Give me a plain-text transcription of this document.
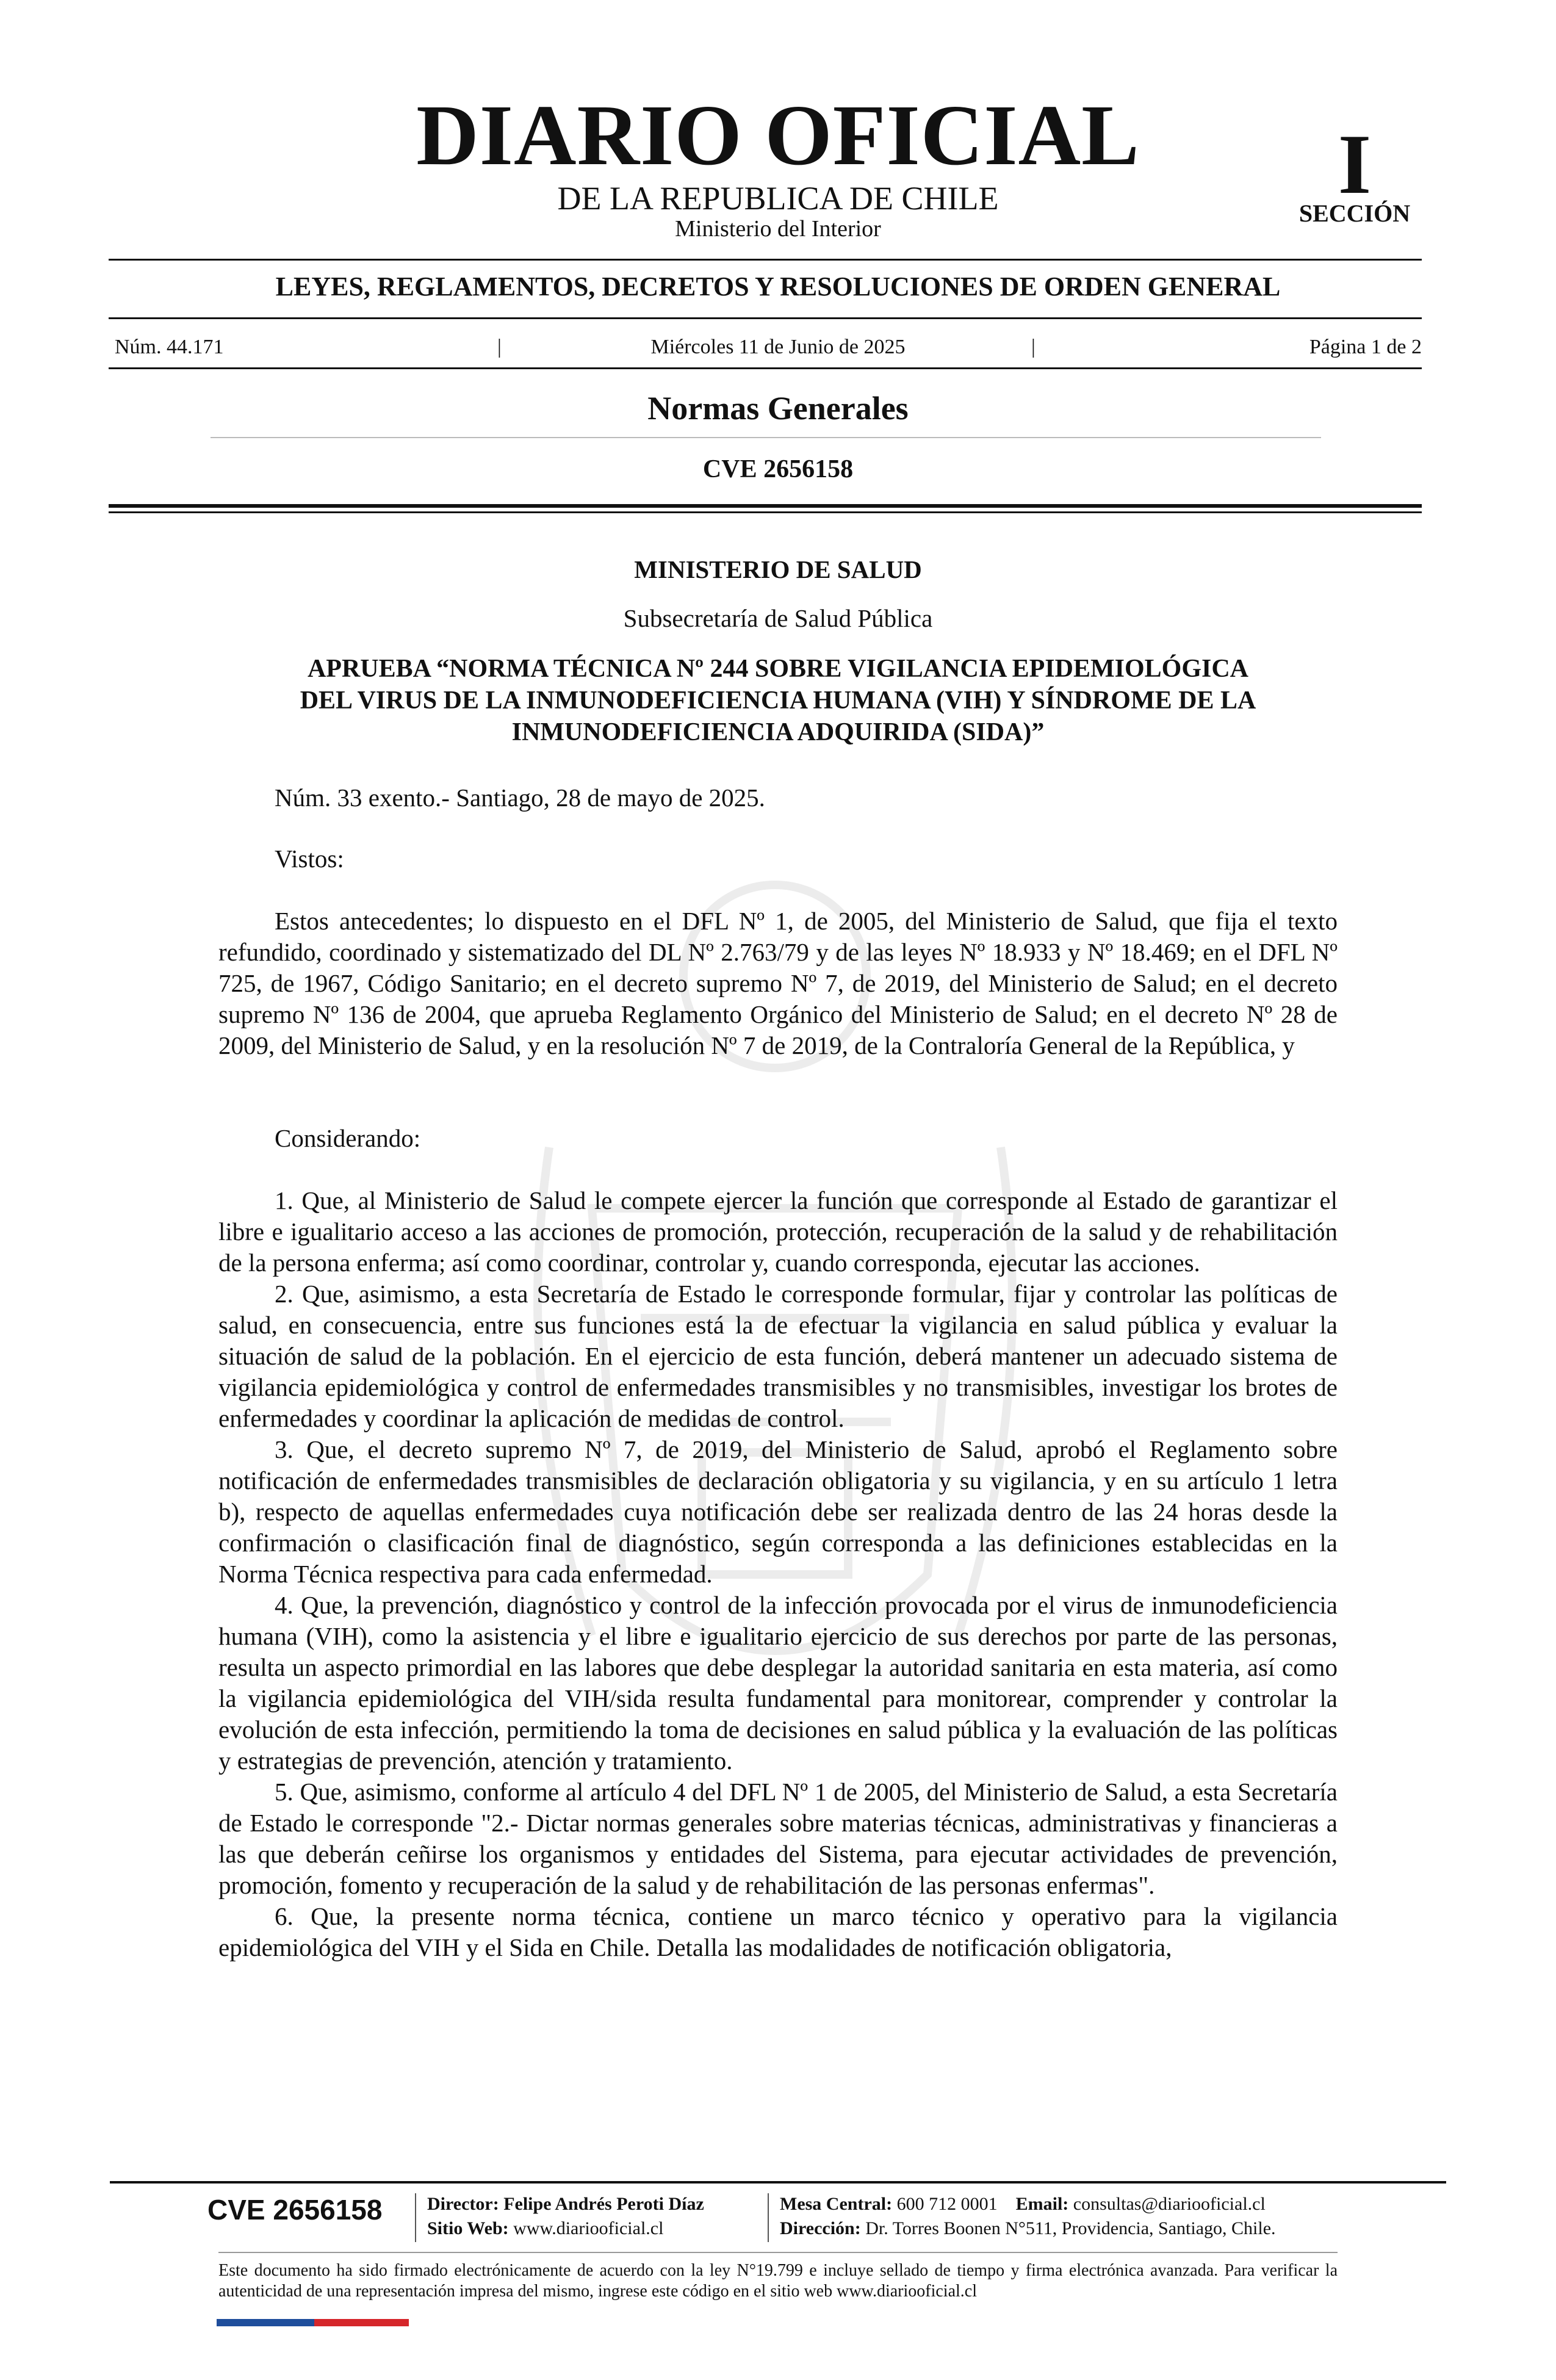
DIARIO OFICIAL
DE LA REPUBLICA DE CHILE
Ministerio del Interior
I
SECCIÓN
LEYES, REGLAMENTOS, DECRETOS Y RESOLUCIONES DE ORDEN GENERAL
Núm. 44.171	|	Miércoles 11 de Junio de 2025	|	Página 1 de 2
Normas Generales
CVE 2656158
MINISTERIO DE SALUD
Subsecretaría de Salud Pública
APRUEBA “NORMA TÉCNICA Nº 244 SOBRE VIGILANCIA EPIDEMIOLÓGICA
DEL VIRUS DE LA INMUNODEFICIENCIA HUMANA (VIH) Y SÍNDROME DE LA
INMUNODEFICIENCIA ADQUIRIDA (SIDA)”

Núm. 33 exento.- Santiago, 28 de mayo de 2025.

Vistos:

Estos antecedentes; lo dispuesto en el DFL Nº 1, de 2005, del Ministerio de Salud, que fija el texto refundido, coordinado y sistematizado del DL Nº 2.763/79 y de las leyes Nº 18.933 y Nº 18.469; en el DFL Nº 725, de 1967, Código Sanitario; en el decreto supremo Nº 7, de 2019, del Ministerio de Salud; en el decreto supremo Nº 136 de 2004, que aprueba Reglamento Orgánico del Ministerio de Salud; en el decreto Nº 28 de 2009, del Ministerio de Salud, y en la resolución Nº 7 de 2019, de la Contraloría General de la República, y

Considerando:

1. Que, al Ministerio de Salud le compete ejercer la función que corresponde al Estado de garantizar el libre e igualitario acceso a las acciones de promoción, protección, recuperación de la salud y de rehabilitación de la persona enferma; así como coordinar, controlar y, cuando corresponda, ejecutar las acciones.

2. Que, asimismo, a esta Secretaría de Estado le corresponde formular, fijar y controlar las políticas de salud, en consecuencia, entre sus funciones está la de efectuar la vigilancia en salud pública y evaluar la situación de salud de la población. En el ejercicio de esta función, deberá mantener un adecuado sistema de vigilancia epidemiológica y control de enfermedades transmisibles y no transmisibles, investigar los brotes de enfermedades y coordinar la aplicación de medidas de control.

3. Que, el decreto supremo Nº 7, de 2019, del Ministerio de Salud, aprobó el Reglamento sobre notificación de enfermedades transmisibles de declaración obligatoria y su vigilancia, y en su artículo 1 letra b), respecto de aquellas enfermedades cuya notificación debe ser realizada dentro de las 24 horas desde la confirmación o clasificación final de diagnóstico, según corresponda a las definiciones establecidas en la Norma Técnica respectiva para cada enfermedad.

4. Que, la prevención, diagnóstico y control de la infección provocada por el virus de inmunodeficiencia humana (VIH), como la asistencia y el libre e igualitario ejercicio de sus derechos por parte de las personas, resulta un aspecto primordial en las labores que debe desplegar la autoridad sanitaria en esta materia, así como la vigilancia epidemiológica del VIH/sida resulta fundamental para monitorear, comprender y controlar la evolución de esta infección, permitiendo la toma de decisiones en salud pública y la evaluación de las políticas y estrategias de prevención, atención y tratamiento.

5. Que, asimismo, conforme al artículo 4 del DFL Nº 1 de 2005, del Ministerio de Salud, a esta Secretaría de Estado le corresponde "2.- Dictar normas generales sobre materias técnicas, administrativas y financieras a las que deberán ceñirse los organismos y entidades del Sistema, para ejecutar actividades de prevención, promoción, fomento y recuperación de la salud y de rehabilitación de las personas enfermas".

6. Que, la presente norma técnica, contiene un marco técnico y operativo para la vigilancia epidemiológica del VIH y el Sida en Chile. Detalla las modalidades de notificación obligatoria,

CVE 2656158 Director: Felipe Andrés Peroti Díaz
Sitio Web: www.diariooficial.cl
Mesa Central: 600 712 0001 Email: consultas@diariooficial.cl
Dirección: Dr. Torres Boonen N°511, Providencia, Santiago, Chile.
Este documento ha sido firmado electrónicamente de acuerdo con la ley N°19.799 e incluye sellado de tiempo y firma electrónica avanzada. Para verificar la autenticidad de una representación impresa del mismo, ingrese este código en el sitio web www.diariooficial.cl
